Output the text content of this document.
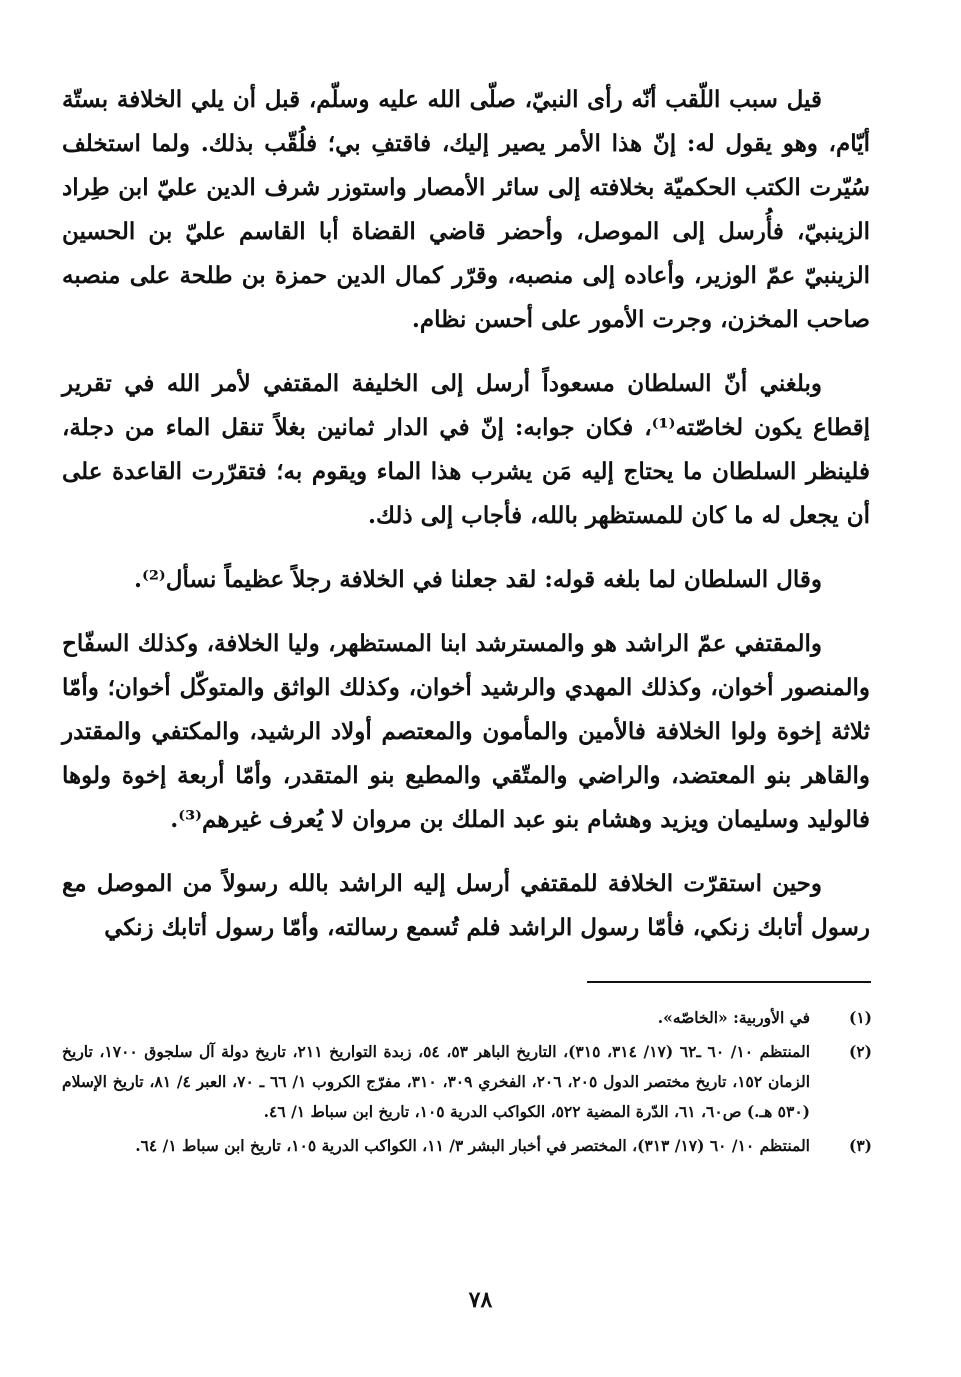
قيل سبب اللّقب أنّه رأى النبيّ، صلّى الله عليه وسلّم، قبل أن يلي الخلافة بستّة أيّام، وهو يقول له: إنّ هذا الأمر يصير إليك، فاقتفِ بي؛ فلُقّب بذلك. ولما استخلف سُيّرت الكتب الحكميّة بخلافته إلى سائر الأمصار واستوزر شرف الدين عليّ ابن طِراد الزينبيّ، فأُرسل إلى الموصل، وأحضر قاضي القضاة أبا القاسم عليّ بن الحسين الزينبيّ عمّ الوزير، وأعاده إلى منصبه، وقرّر كمال الدين حمزة بن طلحة على منصبه صاحب المخزن، وجرت الأمور على أحسن نظام.

وبلغني أنّ السلطان مسعوداً أرسل إلى الخليفة المقتفي لأمر الله في تقرير إقطاع يكون لخاصّته⁽¹⁾، فكان جوابه: إنّ في الدار ثمانين بغلاً تنقل الماء من دجلة، فلينظر السلطان ما يحتاج إليه مَن يشرب هذا الماء ويقوم به؛ فتقرّرت القاعدة على أن يجعل له ما كان للمستظهر بالله، فأجاب إلى ذلك.

وقال السلطان لما بلغه قوله: لقد جعلنا في الخلافة رجلاً عظيماً نسأل⁽²⁾.

والمقتفي عمّ الراشد هو والمسترشد ابنا المستظهر، وليا الخلافة، وكذلك السفّاح والمنصور أخوان، وكذلك المهدي والرشيد أخوان، وكذلك الواثق والمتوكّل أخوان؛ وأمّا ثلاثة إخوة ولوا الخلافة فالأمين والمأمون والمعتصم أولاد الرشيد، والمكتفي والمقتدر والقاهر بنو المعتضد، والراضي والمتّقي والمطيع بنو المتقدر، وأمّا أربعة إخوة ولوها فالوليد وسليمان ويزيد وهشام بنو عبد الملك بن مروان لا يُعرف غيرهم⁽³⁾.

وحين استقرّت الخلافة للمقتفي أرسل إليه الراشد بالله رسولاً من الموصل مع رسول أتابك زنكي، فأمّا رسول الراشد فلم تُسمع رسالته، وأمّا رسول أتابك زنكي

(١)
في الأوربية: «الخاصّه».
(٢)
المنتظم ١٠/ ٦٠ ـ٦٢ (١٧/ ٣١٤، ٣١٥)، التاريخ الباهر ٥٣، ٥٤، زبدة التواريخ ٢١١، تاريخ دولة آل سلجوق ١٧٠٠، تاريخ الزمان ١٥٢، تاريخ مختصر الدول ٢٠٥، ٢٠٦، الفخري ٣٠٩، ٣١٠، مفرّج الكروب ١/ ٦٦ ـ ٧٠، العبر ٤/ ٨١، تاريخ الإسلام (٥٣٠ هـ.) ص٦٠، ٦١، الدّرة المضية ٥٢٢، الكواكب الدرية ١٠٥، تاريخ ابن سباط ١/ ٤٦.
(٣)
المنتظم ١٠/ ٦٠ (١٧/ ٣١٣)، المختصر في أخبار البشر ٣/ ١١، الكواكب الدرية ١٠٥، تاريخ ابن سباط ١/ ٦٤.
٧٨
